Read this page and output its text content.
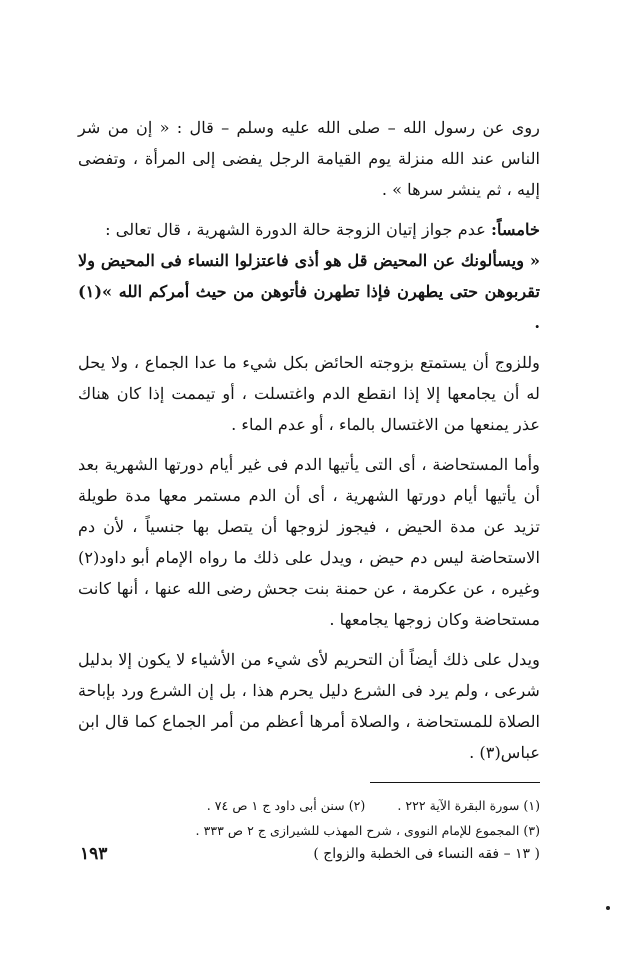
روى عن رسول الله – صلى الله عليه وسلم – قال : « إن من شر الناس عند الله منزلة يوم القيامة الرجل يفضى إلى المرأة ، وتفضى إليه ، ثم ينشر سرها » .

خامساً: عدم جواز إتيان الزوجة حالة الدورة الشهرية ، قال تعالى :

« ويسألونك عن المحيض قل هو أذى فاعتزلوا النساء فى المحيض ولا تقربوهن حتى يطهرن فإذا تطهرن فأتوهن من حيث أمركم الله »(١) .

وللزوج أن يستمتع بزوجته الحائض بكل شيء ما عدا الجماع ، ولا يحل له أن يجامعها إلا إذا انقطع الدم واغتسلت ، أو تيممت إذا كان هناك عذر يمنعها من الاغتسال بالماء ، أو عدم الماء .

وأما المستحاضة ، أى التى يأتيها الدم فى غير أيام دورتها الشهرية بعد أن يأتيها أيام دورتها الشهرية ، أى أن الدم مستمر معها مدة طويلة تزيد عن مدة الحيض ، فيجوز لزوجها أن يتصل بها جنسياً ، لأن دم الاستحاضة ليس دم حيض ، ويدل على ذلك ما رواه الإمام أبو داود(٢) وغيره ، عن عكرمة ، عن حمنة بنت جحش رضى الله عنها ، أنها كانت مستحاضة وكان زوجها يجامعها .

ويدل على ذلك أيضاً أن التحريم لأى شيء من الأشياء لا يكون إلا بدليل شرعى ، ولم يرد فى الشرع دليل يحرم هذا ، بل إن الشرع ورد بإباحة الصلاة للمستحاضة ، والصلاة أمرها أعظم من أمر الجماع كما قال ابن عباس(٣) .

(١) سورة البقرة الآية ٢٢٢ .        (٢) سنن أبى داود ج ١ ص ٧٤ .
(٣) المجموع للإمام النووى ، شرح المهذب للشيرازى ج ٢ ص ٣٣٣ .
( ١٣ – فقه النساء فى الخطبة والزواج )
١٩٣
